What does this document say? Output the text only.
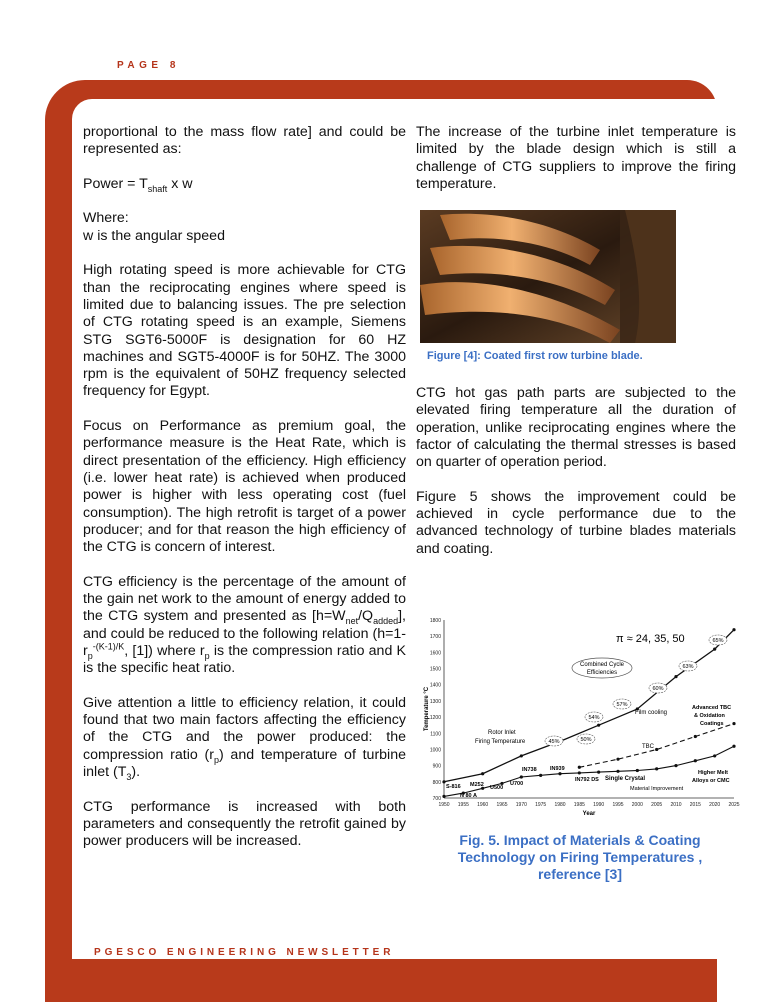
PAGE 8

proportional to the mass flow rate] and could be represented as:

Power = $T_{shaft}$ x w

Where:
w is the angular speed

High rotating speed is more achievable for CTG than the reciprocating engines where speed is limited due to balancing issues. The pre selection of CTG rotating speed is an example, Siemens STG SGT6-5000F is designation for 60 HZ machines and SGT5-4000F is for 50HZ. The 3000 rpm is the equivalent of 50HZ frequency selected frequency for Egypt.

Focus on Performance as premium goal, the performance measure is the Heat Rate, which is direct presentation of the efficiency. High efficiency (i.e. lower heat rate) is achieved when produced power is higher with less operating cost (fuel consumption). The high retrofit is target of a power producer; and for that reason the high efficiency of the CTG is concern of interest.

CTG efficiency is the percentage of the amount of the gain net work to the amount of energy added to the CTG system and presented as $[h=W_{net}/Q_{added}]$, and could be reduced to the following relation ($h=1-r_p^{-(K-1)/K}$, [1]) where $r_p$ is the compression ratio and K is the specific heat ratio.

Give attention a little to efficiency relation, it could found that two main factors affecting the efficiency of the CTG and the power produced: the compression ratio $(r_p)$ and temperature of turbine inlet $(T_3)$.

CTG performance is increased with both parameters and consequently the retrofit gained by power producers will be increased.

The increase of the turbine inlet temperature is limited by the blade design which is still a challenge of CTG suppliers to improve the firing temperature.

Figure [4]: Coated first row turbine blade.

CTG hot gas path parts are subjected to the elevated firing temperature all the duration of operation, unlike reciprocating engines where the factor of calculating the thermal stresses is based on quarter of operation period.

Figure 5 shows the improvement could be achieved in cycle performance due to the advanced technology of turbine blades materials and coating.

700
800
900
1000
1100
1200
1300
1400
1500
1600
1700
1800
1950 1955 1960 1965 1970 1975 1980 1985 1990 1995 2000 2005 2010 2015 2020 2025
Year
Temperature °C
π ≈ 24, 35, 50
Combined Cycle
Efficiencies
Rotor Inlet
Firing Temperature
Film cooling
TBC
Advanced TBC
& Oxidation
Coatings
Higher Melt
Alloys or CMC
Single Crystal
Material Improvement
45%	50%
54%
57%
60%
63%
65%
S-816
N 80 A
M252 U500
U700
IN738 IN939
IN792 DS
Fig. 5. Impact of Materials & Coating Technology on Firing Temperatures , reference [3]
PGESCO ENGINEERING NEWSLETTER
